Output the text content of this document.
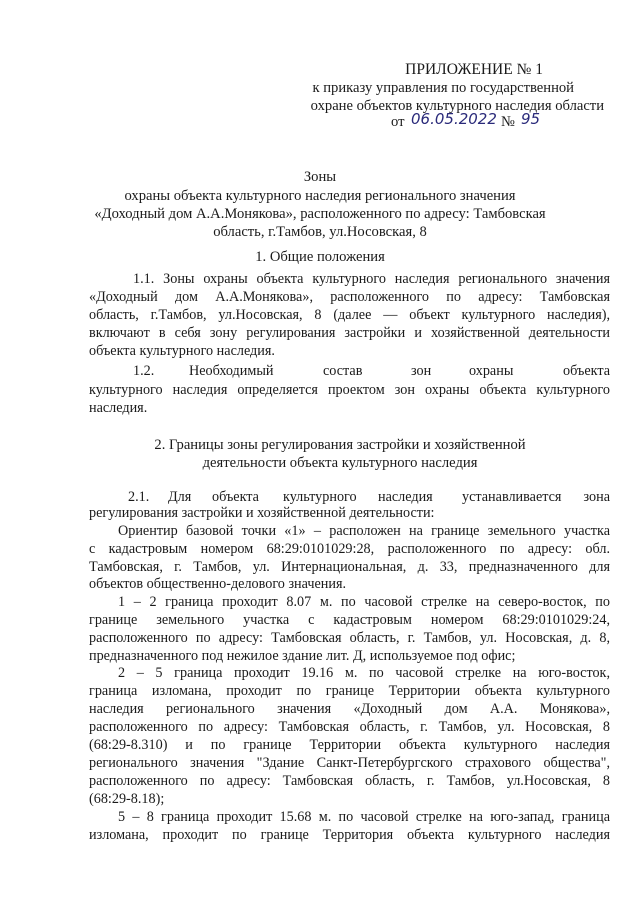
ПРИЛОЖЕНИЕ № 1
к приказу управления по государственной
охране объектов культурного наследия области
от 06.05.2022 № 95
Зоны
охраны объекта культурного наследия регионального значения
«Доходный дом А.А.Монякова», расположенного по адресу: Тамбовская
область, г.Тамбов, ул.Носовская, 8
1. Общие положения
1.1. Зоны охраны объекта культурного наследия регионального значения
«Доходный дом А.А.Монякова», расположенного по адресу: Тамбовская
область, г.Тамбов, ул.Носовская, 8 (далее — объект культурного наследия),
включают в себя зону регулирования застройки и хозяйственной деятельности
объекта культурного наследия.
1.2. Необходимый	состав	зон	охраны	объекта
культурного наследия определяется проектом зон охраны объекта культурного
наследия.
2. Границы зоны регулирования застройки и хозяйственной
деятельности объекта культурного наследия
2.1. Для объекта культурного наследия устанавливается зона
регулирования застройки и хозяйственной деятельности:
Ориентир базовой точки «1» – расположен на границе земельного участка
с кадастровым номером 68:29:0101029:28, расположенного по адресу: обл.
Тамбовская, г. Тамбов, ул. Интернациональная, д. 33, предназначенного для
объектов общественно-делового значения.
1 – 2 граница проходит 8.07 м. по часовой стрелке на северо-восток, по
границе земельного участка с кадастровым номером 68:29:0101029:24,
расположенного по адресу: Тамбовская область, г. Тамбов, ул. Носовская, д. 8,
предназначенного под нежилое здание лит. Д, используемое под офис;
2 – 5 граница проходит 19.16 м. по часовой стрелке на юго-восток,
граница изломана, проходит по границе Территории объекта культурного
наследия регионального значения «Доходный дом А.А. Монякова»,
расположенного по адресу: Тамбовская область, г. Тамбов, ул. Носовская, 8
(68:29-8.310) и по границе Территории объекта культурного наследия
регионального значения "Здание Санкт-Петербургского страхового общества",
расположенного по адресу: Тамбовская область, г. Тамбов, ул.Носовская, 8
(68:29-8.18);
5 – 8 граница проходит 15.68 м. по часовой стрелке на юго-запад, граница
изломана, проходит по границе Территория объекта культурного наследия
